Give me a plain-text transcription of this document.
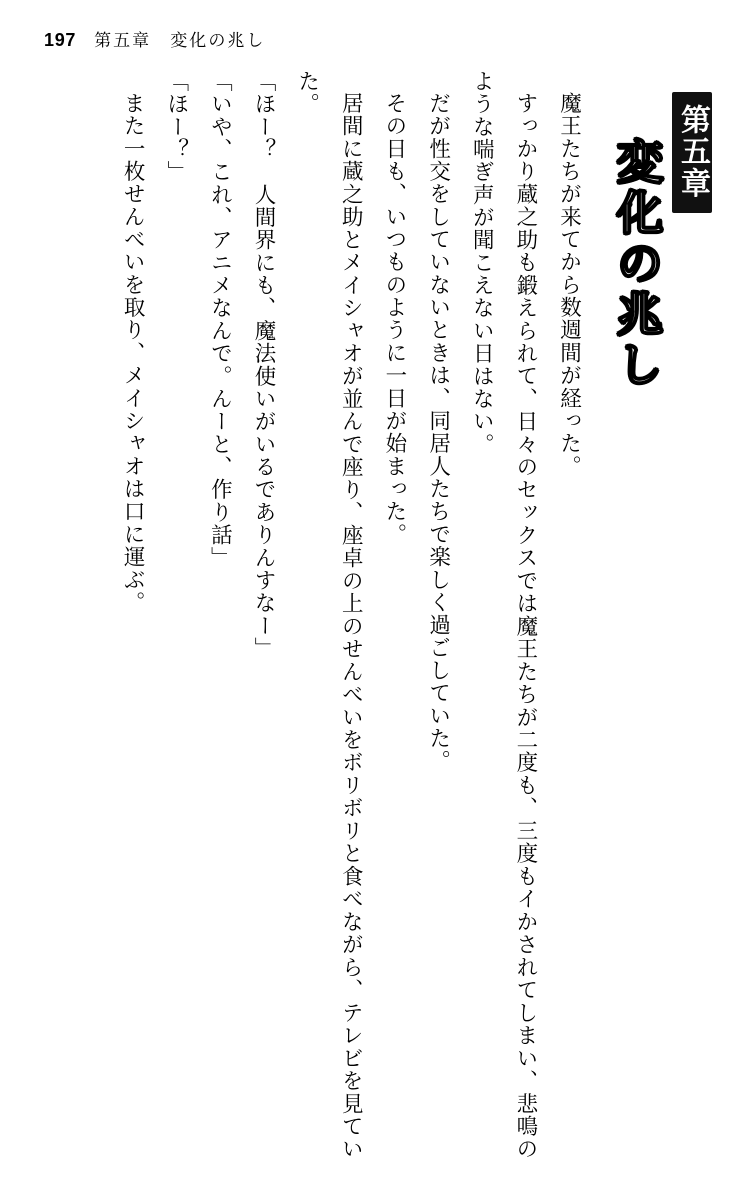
197 第五章　変化の兆し
第五章
変化の兆し

魔王たちが来てから数週間が経った。

すっかり蔵之助も鍛えられて、日々のセックスでは魔王たちが二度も、三度もイかされてしまい、悲鳴のような喘ぎ声が聞こえない日はない。

だが性交をしていないときは、同居人たちで楽しく過ごしていた。

その日も、いつものように一日が始まった。

居間に蔵之助とメイシャオが並んで座り、座卓の上のせんべいをボリボリと食べながら、テレビを見ていた。

「ほー？　人間界にも、魔法使いがいるでありんすなー」

「いや、これ、アニメなんで。んーと、作り話」

「ほー？」

また一枚せんべいを取り、メイシャオは口に運ぶ。
